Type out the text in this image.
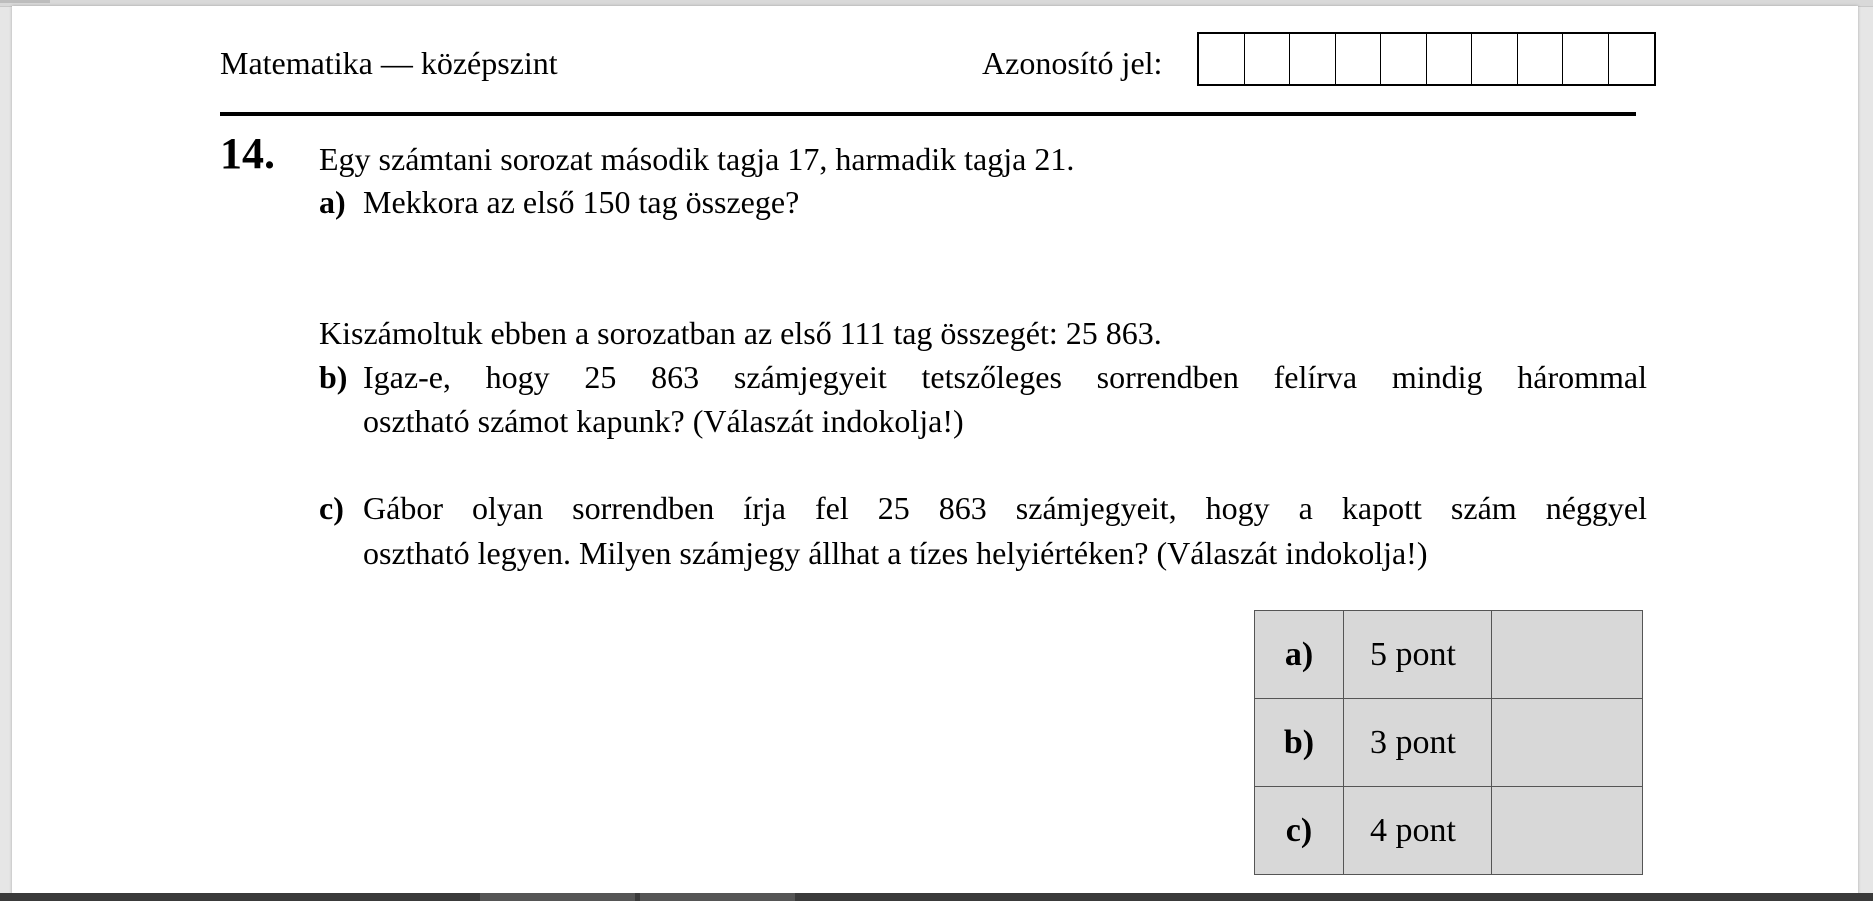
Matematika — középszint	Azonosító jel:
14. Egy számtani sorozat második tagja 17, harmadik tagja 21.
a) Mekkora az első 150 tag összege?
Kiszámoltuk ebben a sorozatban az első 111 tag összegét: 25 863.
b) Igaz-e, hogy 25 863 számjegyeit tetszőleges sorrendben felírva mindig hárommal
osztható számot kapunk? (Válaszát indokolja!)
c) Gábor olyan sorrendben írja fel 25 863 számjegyeit, hogy a kapott szám néggyel
osztható legyen. Milyen számjegy állhat a tízes helyiértéken? (Válaszát indokolja!)
a)	5 pont	
b)	3 pont	
c)	4 pont	
